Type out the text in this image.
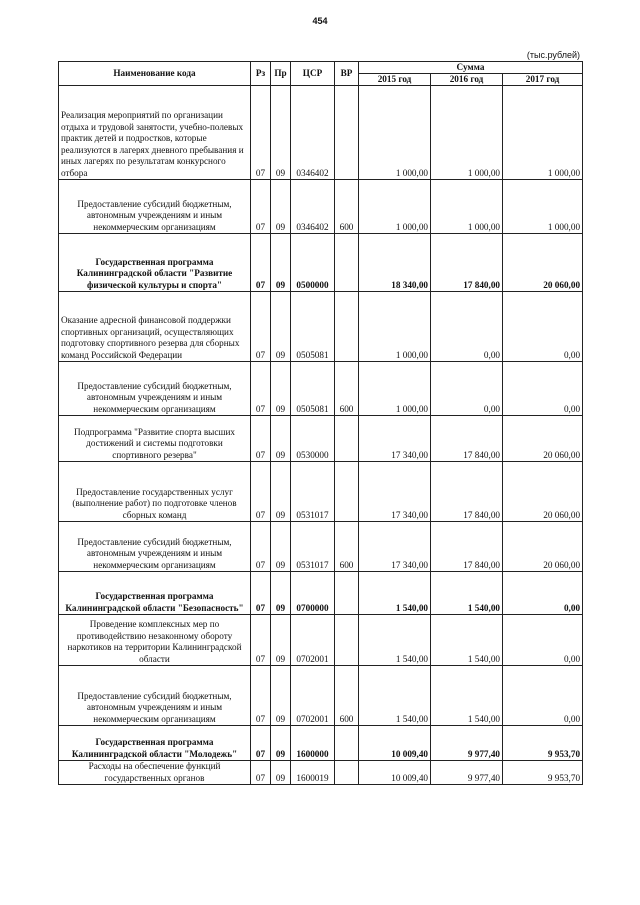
454
(тыс.рублей)
Наименование кода	Рз	Пр	ЦСР	ВР	Сумма		
					2015 год	2016 год	2017 год
Реализация мероприятий по организации отдыха и трудовой занятости, учебно-полевых практик детей и подростков, которые реализуются в лагерях дневного пребывания и иных лагерях по результатам конкурсного отбора	07	09	0346402		1 000,00	1 000,00	1 000,00
Предоставление субсидий бюджетным, автономным учреждениям и иным некоммерческим организациям	07	09	0346402	600	1 000,00	1 000,00	1 000,00
Государственная программа Калининградской области "Развитие физической культуры и спорта"	07	09	0500000		18 340,00	17 840,00	20 060,00
Оказание адресной финансовой поддержки спортивных организаций, осуществляющих подготовку спортивного резерва для сборных команд Российской Федерации	07	09	0505081		1 000,00	0,00	0,00
Предоставление субсидий бюджетным, автономным учреждениям и иным некоммерческим организациям	07	09	0505081	600	1 000,00	0,00	0,00
Подпрограмма "Развитие спорта высших достижений и системы подготовки спортивного резерва"	07	09	0530000		17 340,00	17 840,00	20 060,00
Предоставление государственных услуг (выполнение работ) по подготовке членов сборных команд	07	09	0531017		17 340,00	17 840,00	20 060,00
Предоставление субсидий бюджетным, автономным учреждениям и иным некоммерческим организациям	07	09	0531017	600	17 340,00	17 840,00	20 060,00
Государственная программа Калининградской области "Безопасность"	07	09	0700000		1 540,00	1 540,00	0,00
Проведение комплексных мер по противодействию незаконному обороту наркотиков на территории Калининградской области	07	09	0702001		1 540,00	1 540,00	0,00
Предоставление субсидий бюджетным, автономным учреждениям и иным некоммерческим организациям	07	09	0702001	600	1 540,00	1 540,00	0,00
Государственная программа Калининградской области "Молодежь"	07	09	1600000		10 009,40	9 977,40	9 953,70
Расходы на обеспечение функций государственных органов	07	09	1600019		10 009,40	9 977,40	9 953,70
